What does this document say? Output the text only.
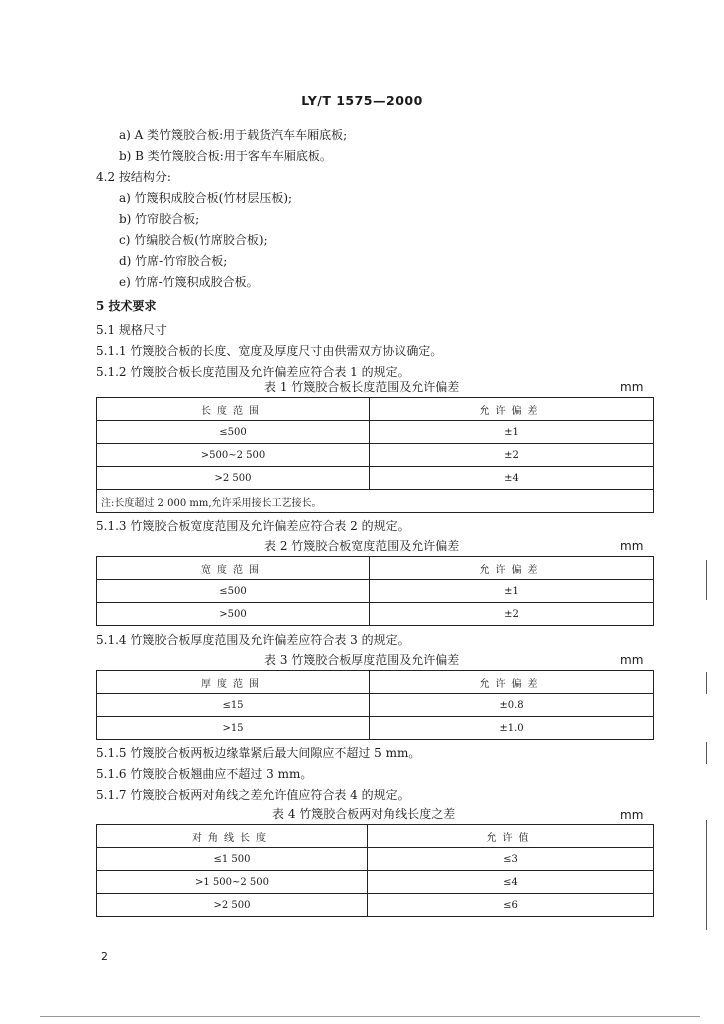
LY/T 1575—2000
a) A 类竹篾胶合板:用于载货汽车车厢底板;
b) B 类竹篾胶合板:用于客车车厢底板。
4.2 按结构分:
a) 竹篾积成胶合板(竹材层压板);
b) 竹帘胶合板;
c) 竹编胶合板(竹席胶合板);
d) 竹席-竹帘胶合板;
e) 竹席-竹篾积成胶合板。
5 技术要求
5.1 规格尺寸
5.1.1 竹篾胶合板的长度、宽度及厚度尺寸由供需双方协议确定。
5.1.2 竹篾胶合板长度范围及允许偏差应符合表 1 的规定。
表 1 竹篾胶合板长度范围及允许偏差	mm
长度范围	允许偏差
≤500	±1
>500~2 500	±2
>2 500	±4
注:长度超过 2 000 mm,允许采用接长工艺接长。	
5.1.3 竹篾胶合板宽度范围及允许偏差应符合表 2 的规定。
表 2 竹篾胶合板宽度范围及允许偏差	mm
宽度范围	允许偏差
≤500	±1
>500	±2
5.1.4 竹篾胶合板厚度范围及允许偏差应符合表 3 的规定。
表 3 竹篾胶合板厚度范围及允许偏差	mm
厚度范围	允许偏差
≤15	±0.8
>15	±1.0
5.1.5 竹篾胶合板两板边缘靠紧后最大间隙应不超过 5 mm。
5.1.6 竹篾胶合板翘曲应不超过 3 mm。
5.1.7 竹篾胶合板两对角线之差允许值应符合表 4 的规定。
表 4 竹篾胶合板两对角线长度之差	mm
对角线长度	允许值
≤1 500	≤3
>1 500~2 500	≤4
>2 500	≤6
2
